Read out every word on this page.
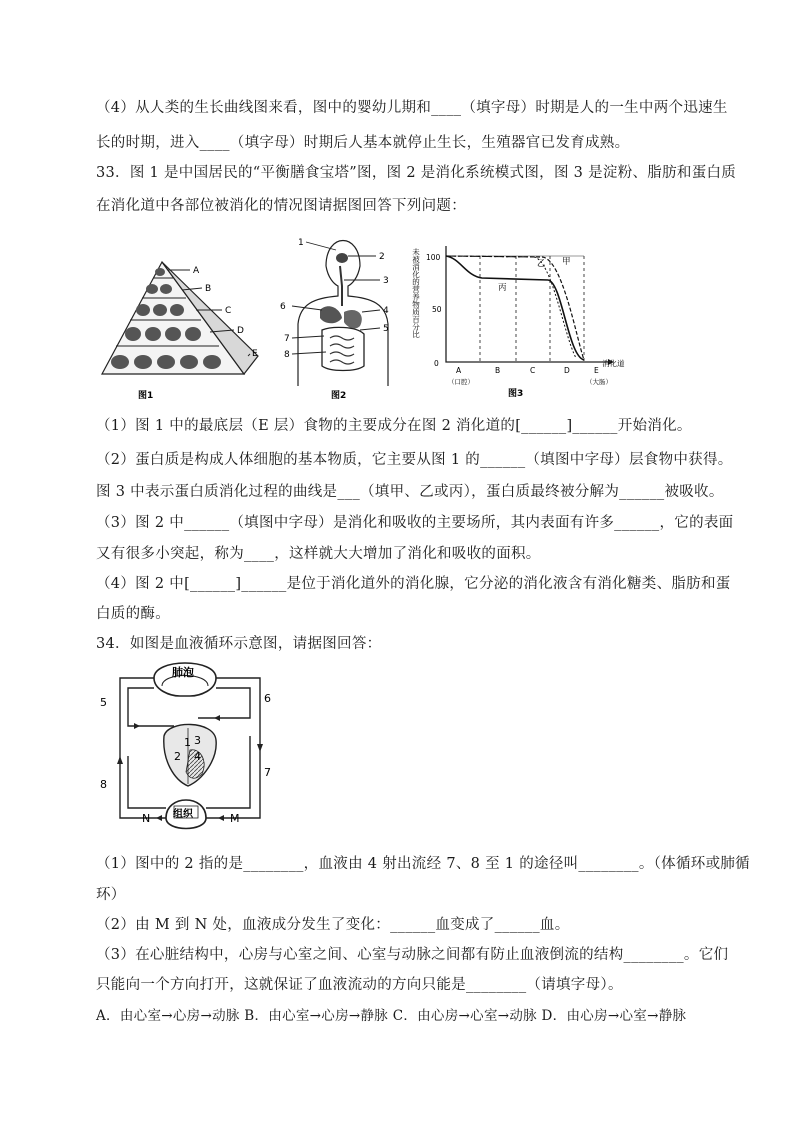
（4）从人类的生长曲线图来看，图中的婴幼儿期和____（填字母）时期是人的一生中两个迅速生
长的时期，进入____（填字母）时期后人基本就停止生长，生殖器官已发育成熟。
33．图 1 是中国居民的“平衡膳食宝塔”图，图 2 是消化系统模式图，图 3 是淀粉、脂肪和蛋白质
在消化道中各部位被消化的情况图请据图回答下列问题：
A
B
C
D
E
图1
1
2
3
4
5
6
7
8
图2
未被消化的营养物质百分比 100
50
0
甲
乙
丙
A	B	C	D	E
消化道
（口腔）	（大肠）
图3
（1）图 1 中的最底层（E 层）食物的主要成分在图 2 消化道的[______]______开始消化。
（2）蛋白质是构成人体细胞的基本物质，它主要从图 1 的______（填图中字母）层食物中获得。
图 3 中表示蛋白质消化过程的曲线是___（填甲、乙或丙），蛋白质最终被分解为______被吸收。
（3）图 2 中______（填图中字母）是消化和吸收的主要场所，其内表面有许多______，它的表面
又有很多小突起，称为____，这样就大大增加了消化和吸收的面积。
（4）图 2 中[______]______是位于消化道外的消化腺，它分泌的消化液含有消化糖类、脂肪和蛋
白质的酶。
34．如图是血液循环示意图，请据图回答：
肺泡
组织
1
2
3
4
5	6
7
8
N	M
（1）图中的 2 指的是________，血液由 4 射出流经 7、8 至 1 的途径叫________。（体循环或肺循
环）
（2）由 M 到 N 处，血液成分发生了变化：______血变成了______血。
（3）在心脏结构中，心房与心室之间、心室与动脉之间都有防止血液倒流的结构________。它们
只能向一个方向打开，这就保证了血液流动的方向只能是________（请填字母）。
A．由心室→心房→动脉 B．由心室→心房→静脉 C．由心房→心室→动脉 D．由心房→心室→静脉
